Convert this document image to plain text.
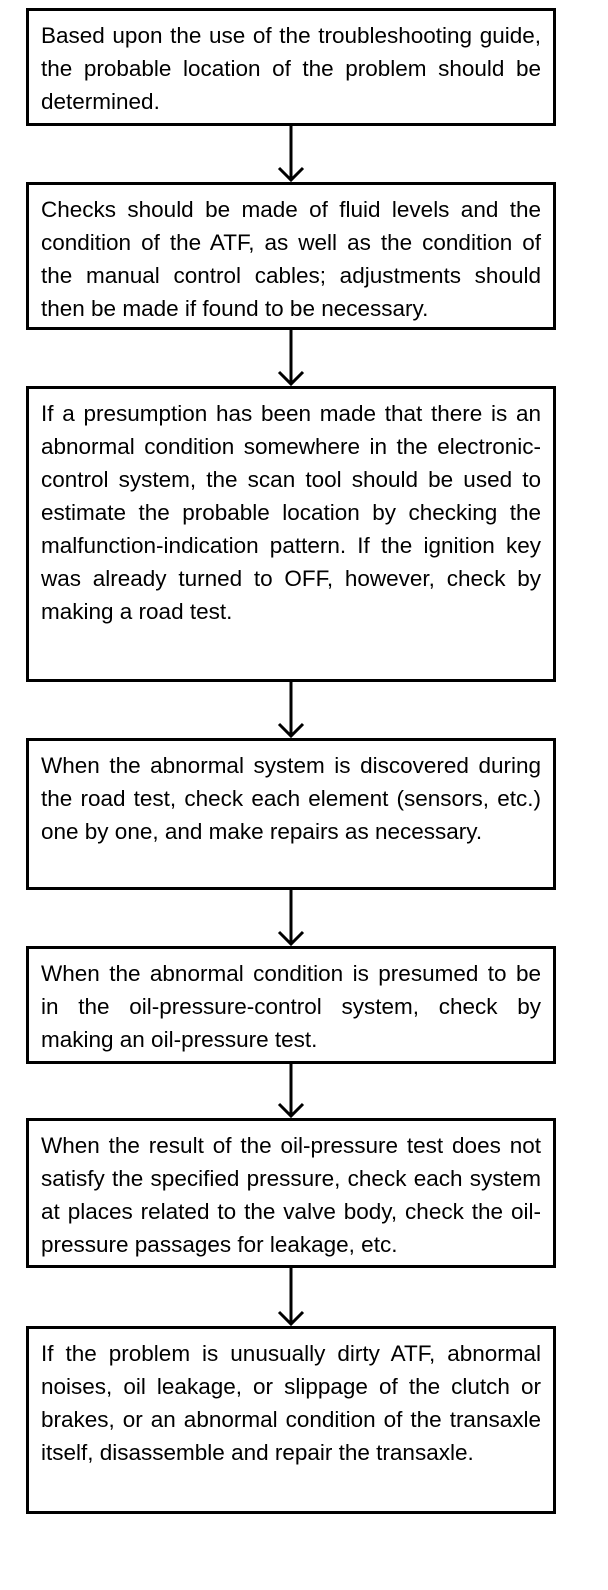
Based upon the use of the troubleshooting guide, the probable location of the problem should be determined.
Checks should be made of fluid levels and the condition of the ATF, as well as the condition of the manual control cables; adjustments should then be made if found to be necessary.
If a presumption has been made that there is an abnormal condition somewhere in the electronic-control system, the scan tool should be used to estimate the probable location by checking the malfunction-indication pattern. If the ignition key was already turned to OFF, however, check by making a road test.
When the abnormal system is discovered during the road test, check each element (sensors, etc.) one by one, and make repairs as necessary.
When the abnormal condition is presumed to be in the oil-pressure-control system, check by making an oil-pressure test.
When the result of the oil-pressure test does not satisfy the specified pressure, check each system at places related to the valve body, check the oil-pressure passages for leakage, etc.
If the problem is unusually dirty ATF, abnormal noises, oil leakage, or slippage of the clutch or brakes, or an abnormal condition of the transaxle itself, disassemble and repair the transaxle.
